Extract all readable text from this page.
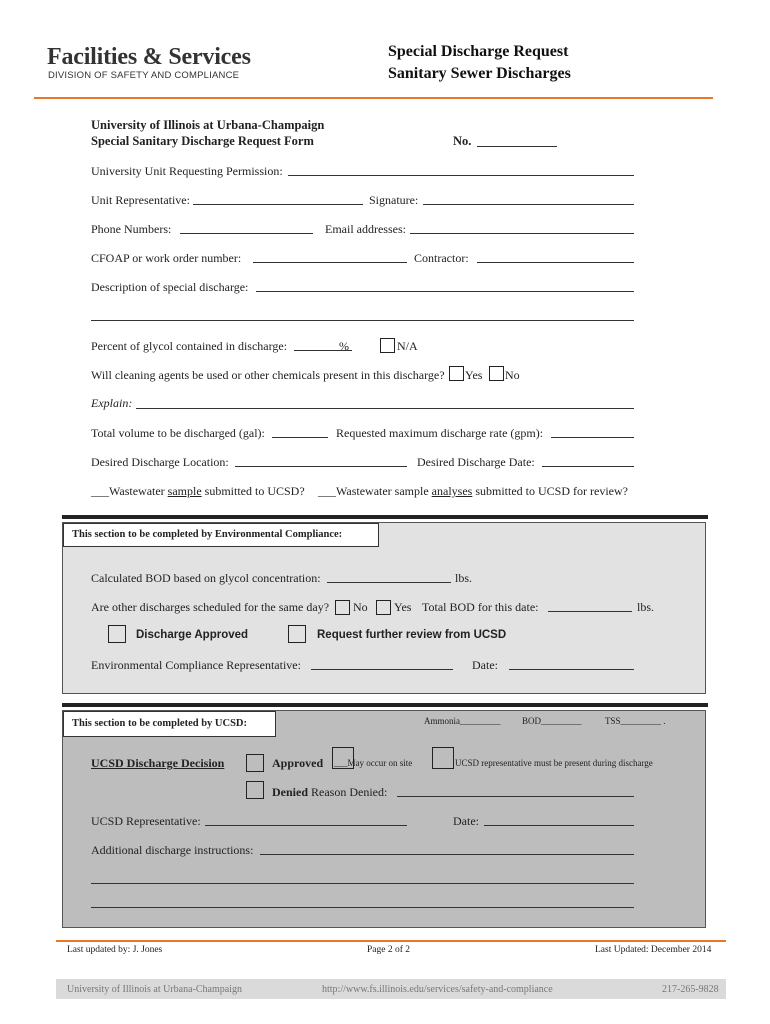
Facilities & Services
DIVISION OF SAFETY AND COMPLIANCE
Special Discharge Request
Sanitary Sewer Discharges
University of Illinois at Urbana-Champaign
Special Sanitary Discharge Request Form	No.
University Unit Requesting Permission:
Unit Representative:	Signature:
Phone Numbers:	Email addresses:
CFOAP or work order number:	Contractor:
Description of special discharge:
Percent of glycol contained in discharge:	%	N/A
Will cleaning agents be used or other chemicals present in this discharge? Yes No
Explain:
Total volume to be discharged (gal):	Requested maximum discharge rate (gpm):
Desired Discharge Location:	Desired Discharge Date:
___Wastewater sample submitted to UCSD? ___Wastewater sample analyses submitted to UCSD for review?
This section to be completed by Environmental Compliance:
Calculated BOD based on glycol concentration:	lbs.
Are other discharges scheduled for the same day? No Yes Total BOD for this date:	lbs.
Discharge Approved	Request further review from UCSD
Environmental Compliance Representative:	Date:
This section to be completed by UCSD:	Ammonia_________ BOD_________	TSS_________ .
UCSD Discharge Decision	Approved ___May occur on site	UCSD representative must be present during discharge
Denied Reason Denied:
UCSD Representative:	Date:
Additional discharge instructions:
Last updated by: J. Jones	Page 2 of 2	Last Updated: December 2014
University of Illinois at Urbana-Champaign	http://www.fs.illinois.edu/services/safety-and-compliance	217-265-9828
